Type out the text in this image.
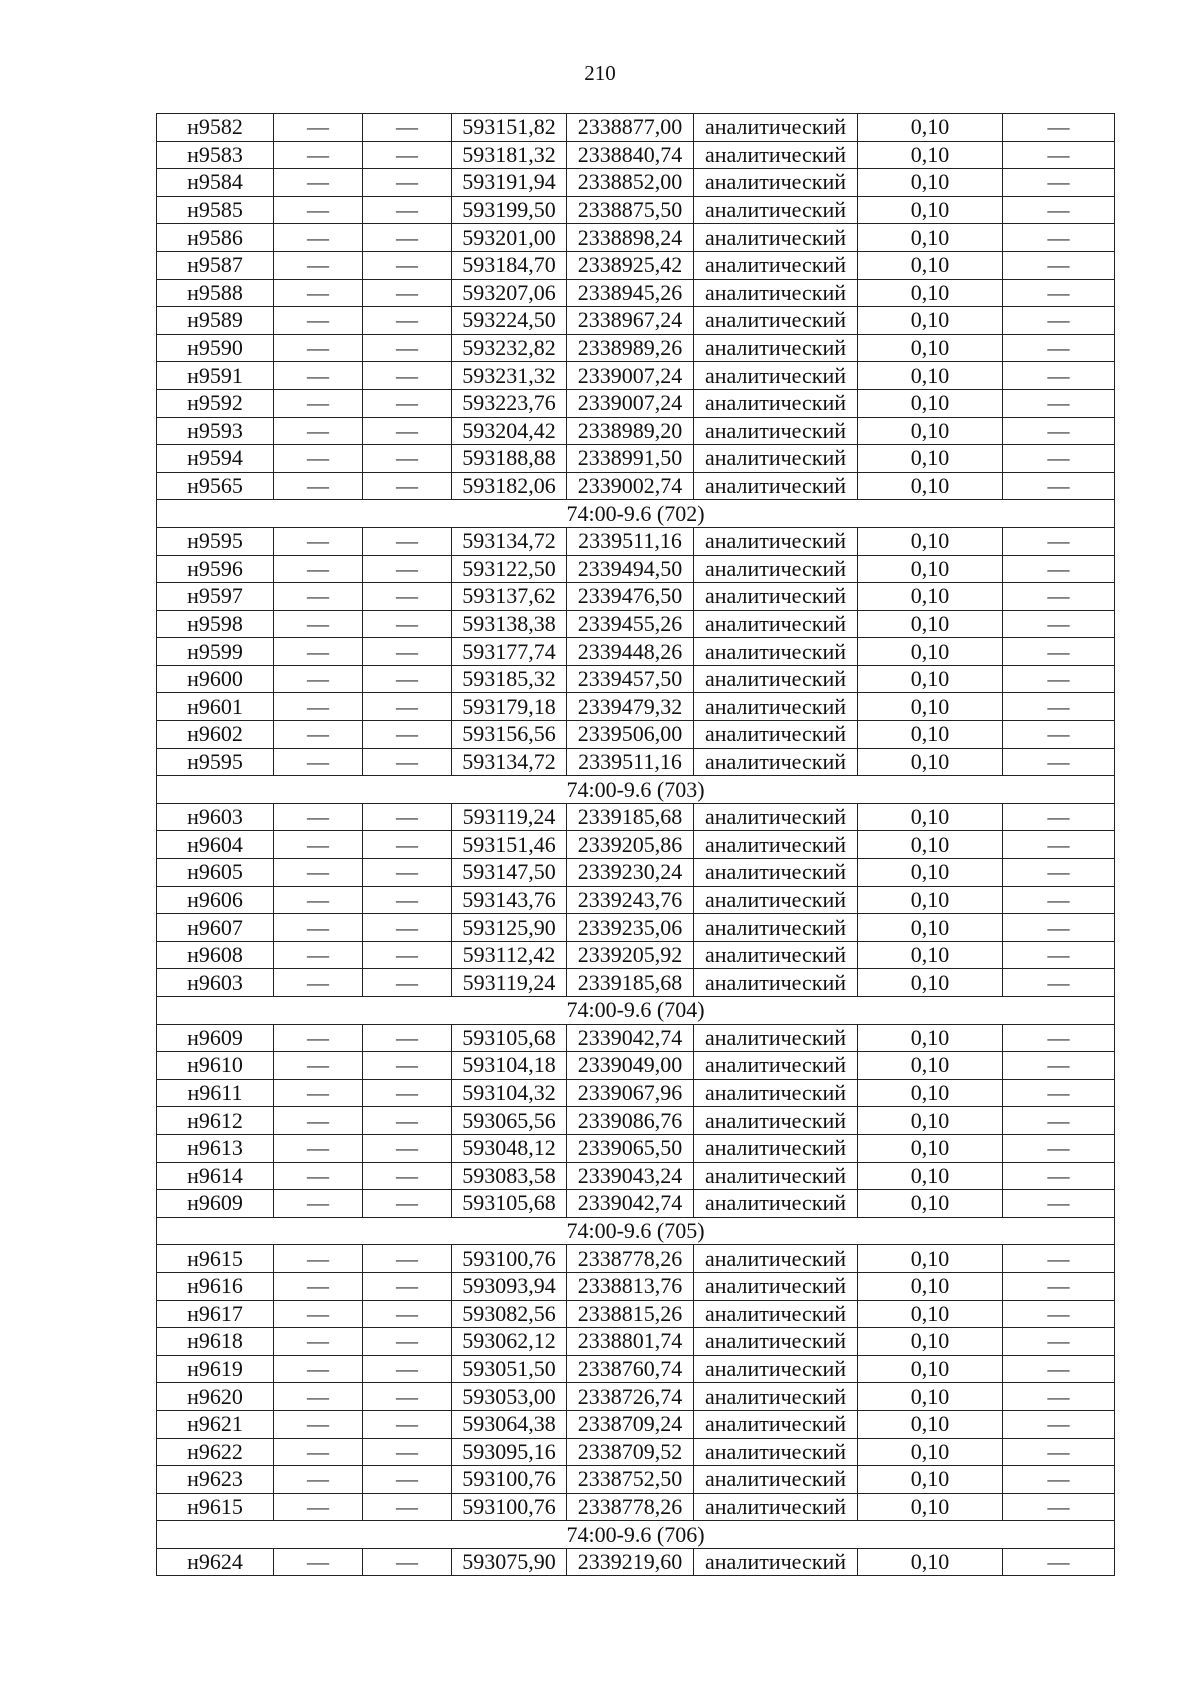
210
н9582	—	—	593151,82	2338877,00	аналитический	0,10	—
н9583	—	—	593181,32	2338840,74	аналитический	0,10	—
н9584	—	—	593191,94	2338852,00	аналитический	0,10	—
н9585	—	—	593199,50	2338875,50	аналитический	0,10	—
н9586	—	—	593201,00	2338898,24	аналитический	0,10	—
н9587	—	—	593184,70	2338925,42	аналитический	0,10	—
н9588	—	—	593207,06	2338945,26	аналитический	0,10	—
н9589	—	—	593224,50	2338967,24	аналитический	0,10	—
н9590	—	—	593232,82	2338989,26	аналитический	0,10	—
н9591	—	—	593231,32	2339007,24	аналитический	0,10	—
н9592	—	—	593223,76	2339007,24	аналитический	0,10	—
н9593	—	—	593204,42	2338989,20	аналитический	0,10	—
н9594	—	—	593188,88	2338991,50	аналитический	0,10	—
н9565	—	—	593182,06	2339002,74	аналитический	0,10	—
74:00-9.6 (702)							
н9595	—	—	593134,72	2339511,16	аналитический	0,10	—
н9596	—	—	593122,50	2339494,50	аналитический	0,10	—
н9597	—	—	593137,62	2339476,50	аналитический	0,10	—
н9598	—	—	593138,38	2339455,26	аналитический	0,10	—
н9599	—	—	593177,74	2339448,26	аналитический	0,10	—
н9600	—	—	593185,32	2339457,50	аналитический	0,10	—
н9601	—	—	593179,18	2339479,32	аналитический	0,10	—
н9602	—	—	593156,56	2339506,00	аналитический	0,10	—
н9595	—	—	593134,72	2339511,16	аналитический	0,10	—
74:00-9.6 (703)							
н9603	—	—	593119,24	2339185,68	аналитический	0,10	—
н9604	—	—	593151,46	2339205,86	аналитический	0,10	—
н9605	—	—	593147,50	2339230,24	аналитический	0,10	—
н9606	—	—	593143,76	2339243,76	аналитический	0,10	—
н9607	—	—	593125,90	2339235,06	аналитический	0,10	—
н9608	—	—	593112,42	2339205,92	аналитический	0,10	—
н9603	—	—	593119,24	2339185,68	аналитический	0,10	—
74:00-9.6 (704)							
н9609	—	—	593105,68	2339042,74	аналитический	0,10	—
н9610	—	—	593104,18	2339049,00	аналитический	0,10	—
н9611	—	—	593104,32	2339067,96	аналитический	0,10	—
н9612	—	—	593065,56	2339086,76	аналитический	0,10	—
н9613	—	—	593048,12	2339065,50	аналитический	0,10	—
н9614	—	—	593083,58	2339043,24	аналитический	0,10	—
н9609	—	—	593105,68	2339042,74	аналитический	0,10	—
74:00-9.6 (705)							
н9615	—	—	593100,76	2338778,26	аналитический	0,10	—
н9616	—	—	593093,94	2338813,76	аналитический	0,10	—
н9617	—	—	593082,56	2338815,26	аналитический	0,10	—
н9618	—	—	593062,12	2338801,74	аналитический	0,10	—
н9619	—	—	593051,50	2338760,74	аналитический	0,10	—
н9620	—	—	593053,00	2338726,74	аналитический	0,10	—
н9621	—	—	593064,38	2338709,24	аналитический	0,10	—
н9622	—	—	593095,16	2338709,52	аналитический	0,10	—
н9623	—	—	593100,76	2338752,50	аналитический	0,10	—
н9615	—	—	593100,76	2338778,26	аналитический	0,10	—
74:00-9.6 (706)							
н9624	—	—	593075,90	2339219,60	аналитический	0,10	—
